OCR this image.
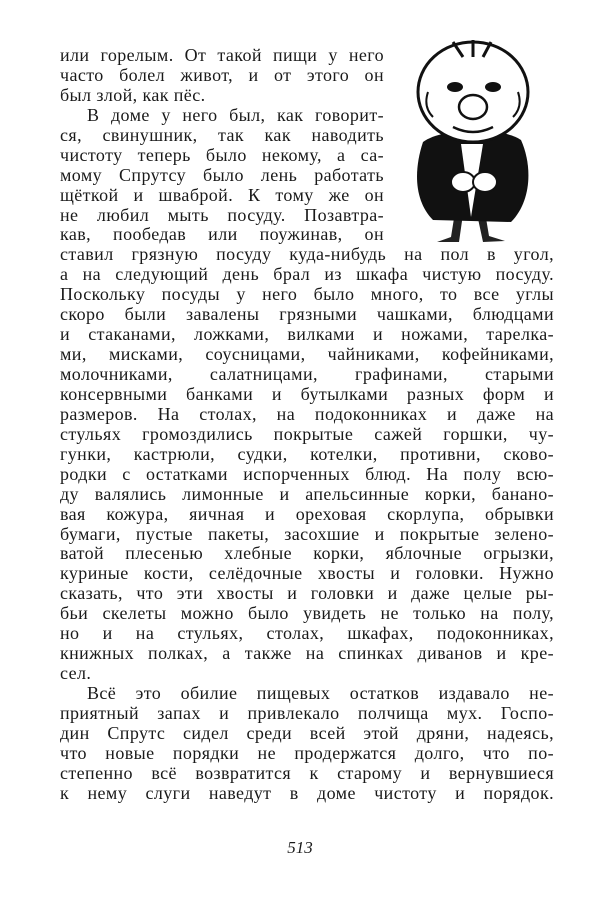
или горелым. От такой пищи у него
часто болел живот, и от этого он
был злой, как пёс.
В доме у него был, как говорит-
ся, свинушник, так как наводить
чистоту теперь было некому, а са-
мому Спрутсу было лень работать
щёткой и шваброй. К тому же он
не любил мыть посуду. Позавтра-
кав, пообедав или поужинав, он
ставил грязную посуду куда-нибудь на пол в угол,
а на следующий день брал из шкафа чистую посуду.
Поскольку посуды у него было много, то все углы
скоро были завалены грязными чашками, блюдцами
и стаканами, ложками, вилками и ножами, тарелка-
ми, мисками, соусницами, чайниками, кофейниками,
молочниками, салатницами, графинами, старыми
консервными банками и бутылками разных форм и
размеров. На столах, на подоконниках и даже на
стульях громоздились покрытые сажей горшки, чу-
гунки, кастрюли, судки, котелки, противни, сково-
родки с остатками испорченных блюд. На полу всю-
ду валялись лимонные и апельсинные корки, банано-
вая кожура, яичная и ореховая скорлупа, обрывки
бумаги, пустые пакеты, засохшие и покрытые зелено-
ватой плесенью хлебные корки, яблочные огрызки,
куриные кости, селёдочные хвосты и головки. Нужно
сказать, что эти хвосты и головки и даже целые ры-
бьи скелеты можно было увидеть не только на полу,
но и на стульях, столах, шкафах, подоконниках,
книжных полках, а также на спинках диванов и кре-
сел.
Всё это обилие пищевых остатков издавало не-
приятный запах и привлекало полчища мух. Госпо-
дин Спрутс сидел среди всей этой дряни, надеясь,
что новые порядки не продержатся долго, что по-
степенно всё возвратится к старому и вернувшиеся
к нему слуги наведут в доме чистоту и порядок.
513
